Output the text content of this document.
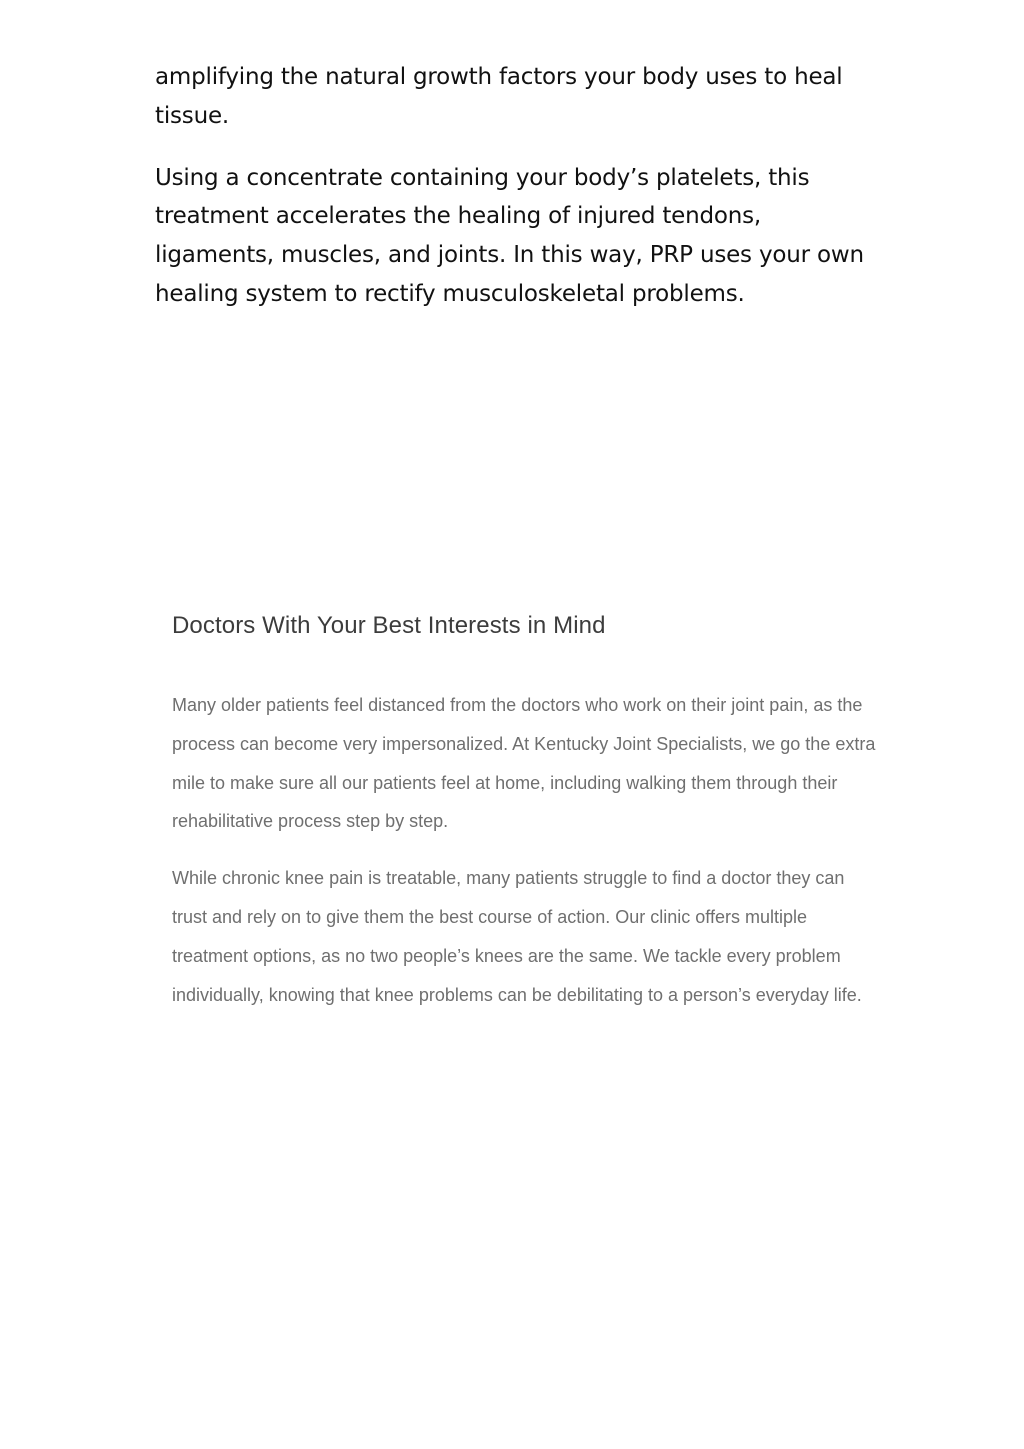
amplifying the natural growth factors your body uses to heal tissue.

Using a concentrate containing your body’s platelets, this treatment accelerates the healing of injured tendons, ligaments, muscles, and joints. In this way, PRP uses your own healing system to rectify musculoskeletal problems.

Doctors With Your Best Interests in Mind

Many older patients feel distanced from the doctors who work on their joint pain, as the process can become very impersonalized. At Kentucky Joint Specialists, we go the extra mile to make sure all our patients feel at home, including walking them through their rehabilitative process step by step.

While chronic knee pain is treatable, many patients struggle to find a doctor they can trust and rely on to give them the best course of action. Our clinic offers multiple treatment options, as no two people’s knees are the same. We tackle every problem individually, knowing that knee problems can be debilitating to a person’s everyday life.
